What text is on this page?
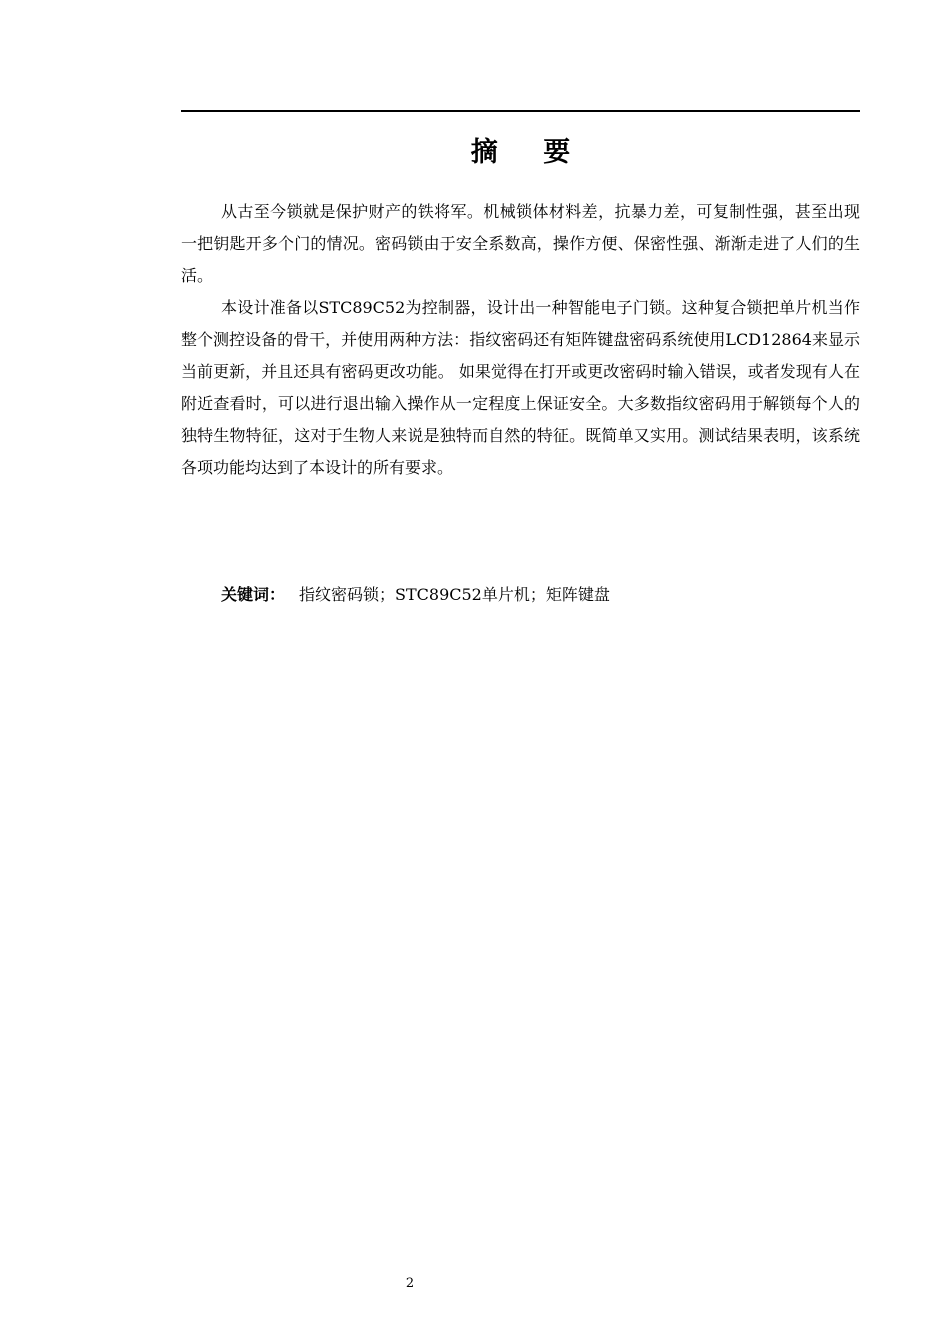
摘 要

从古至今锁就是保护财产的铁将军。机械锁体材料差，抗暴力差，可复制性强，甚至出现一把钥匙开多个门的情况。密码锁由于安全系数高，操作方便、保密性强、渐渐走进了人们的生活。

本设计准备以STC89C52为控制器，设计出一种智能电子门锁。这种复合锁把单片机当作整个测控设备的骨干，并使用两种方法：指纹密码还有矩阵键盘密码系统使用LCD12864来显示当前更新，并且还具有密码更改功能。 如果觉得在打开或更改密码时输入错误，或者发现有人在附近查看时，可以进行退出输入操作从一定程度上保证安全。大多数指纹密码用于解锁每个人的独特生物特征，这对于生物人来说是独特而自然的特征。既简单又实用。测试结果表明，该系统各项功能均达到了本设计的所有要求。

关键词： 指纹密码锁；STC89C52单片机；矩阵键盘
2
